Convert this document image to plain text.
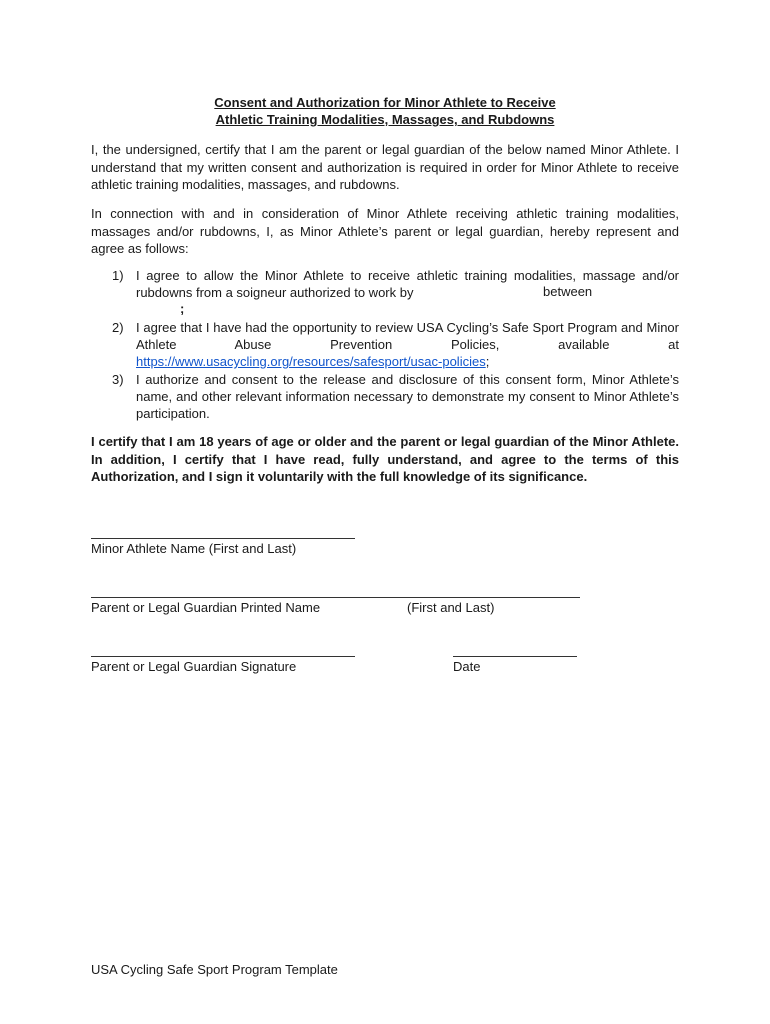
Consent and Authorization for Minor Athlete to Receive
Athletic Training Modalities, Massages, and Rubdowns
I, the undersigned, certify that I am the parent or legal guardian of the below named Minor Athlete. I understand that my written consent and authorization is required in order for Minor Athlete to receive athletic training modalities, massages, and rubdowns.
In connection with and in consideration of Minor Athlete receiving athletic training modalities, massages and/or rubdowns, I, as Minor Athlete’s parent or legal guardian, hereby represent and agree as follows:
1) I agree to allow the Minor Athlete to receive athletic training modalities, massage and/or rubdowns from a soigneur authorized to work by	between
;
2) I agree that I have had the opportunity to review USA Cycling’s Safe Sport Program and Minor Athlete Abuse Prevention Policies, available at https://www.usacycling.org/resources/safesport/usac-policies;
3) I authorize and consent to the release and disclosure of this consent form, Minor Athlete’s name, and other relevant information necessary to demonstrate my consent to Minor Athlete’s participation.
I certify that I am 18 years of age or older and the parent or legal guardian of the Minor Athlete. In addition, I certify that I have read, fully understand, and agree to the terms of this Authorization, and I sign it voluntarily with the full knowledge of its significance.
Minor Athlete Name (First and Last)
Parent or Legal Guardian Printed Name	(First and Last)
Parent or Legal Guardian Signature	Date
USA Cycling Safe Sport Program Template
